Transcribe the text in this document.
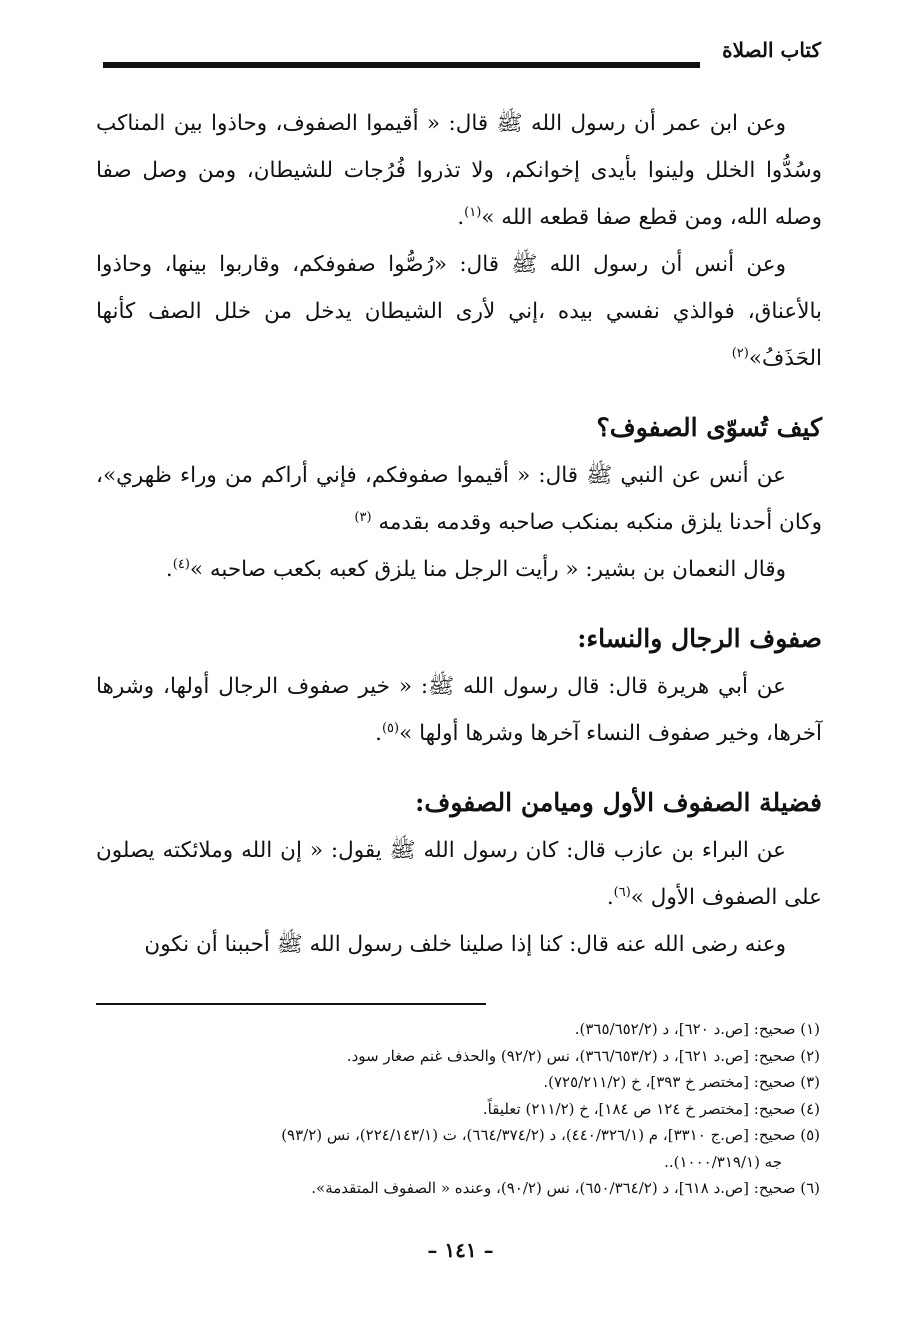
كتاب الصلاة

وعن ابن عمر أن رسول الله ﷺ قال: « أقيموا الصفوف، وحاذوا بين المناكب وسُدُّوا الخلل ولينوا بأيدى إخوانكم، ولا تذروا فُرُجات للشيطان، ومن وصل صفا وصله الله، ومن قطع صفا قطعه الله »$^{(١)}$.

وعن أنس أن رسول الله ﷺ قال: «رُصُّوا صفوفكم، وقاربوا بينها، وحاذوا بالأعناق، فوالذي نفسي بيده ،إني لأرى الشيطان يدخل من خلل الصف كأنها الحَذَفُ»$^{(٢)}$

كيف تُسوّى الصفوف؟

عن أنس عن النبي ﷺ قال: « أقيموا صفوفكم، فإني أراكم من وراء ظهري»، وكان أحدنا يلزق منكبه بمنكب صاحبه وقدمه بقدمه $^{(٣)}$

وقال النعمان بن بشير: « رأيت الرجل منا يلزق كعبه بكعب صاحبه »$^{(٤)}$.

صفوف الرجال والنساء:

عن أبي هريرة قال: قال رسول الله ﷺ: « خير صفوف الرجال أولها، وشرها آخرها، وخير صفوف النساء آخرها وشرها أولها »$^{(٥)}$.

فضيلة الصفوف الأول وميامن الصفوف:

عن البراء بن عازب قال: كان رسول الله ﷺ يقول: « إن الله وملائكته يصلون على الصفوف الأول »$^{(٦)}$.

وعنه رضى الله عنه قال: كنا إذا صلينا خلف رسول الله ﷺ أحببنا أن نكون

(١) صحيح: [ص.د ٦٢٠]، د (٣٦٥/٦٥٢/٢).

(٢) صحيح: [ص.د ٦٢١]، د (٣٦٦/٦٥٣/٢)، نس (٩٢/٢) والحذف غنم صغار سود.

(٣) صحيح: [مختصر خ ٣٩٣]، خ (٧٢٥/٢١١/٢).

(٤) صحيح: [مختصر خ ١٢٤ ص ١٨٤]، خ (٢١١/٢) تعليقاً.

(٥) صحيح: [ص.ج ٣٣١٠]، م (٤٤٠/٣٢٦/١)، د (٦٦٤/٣٧٤/٢)، ت (٢٢٤/١٤٣/١)، نس (٩٣/٢)

جه (١٠٠٠/٣١٩/١)..

(٦) صحيح: [ص.د ٦١٨]، د (٦٥٠/٣٦٤/٢)، نس (٩٠/٢)، وعنده « الصفوف المتقدمة».

– ١٤١ –
